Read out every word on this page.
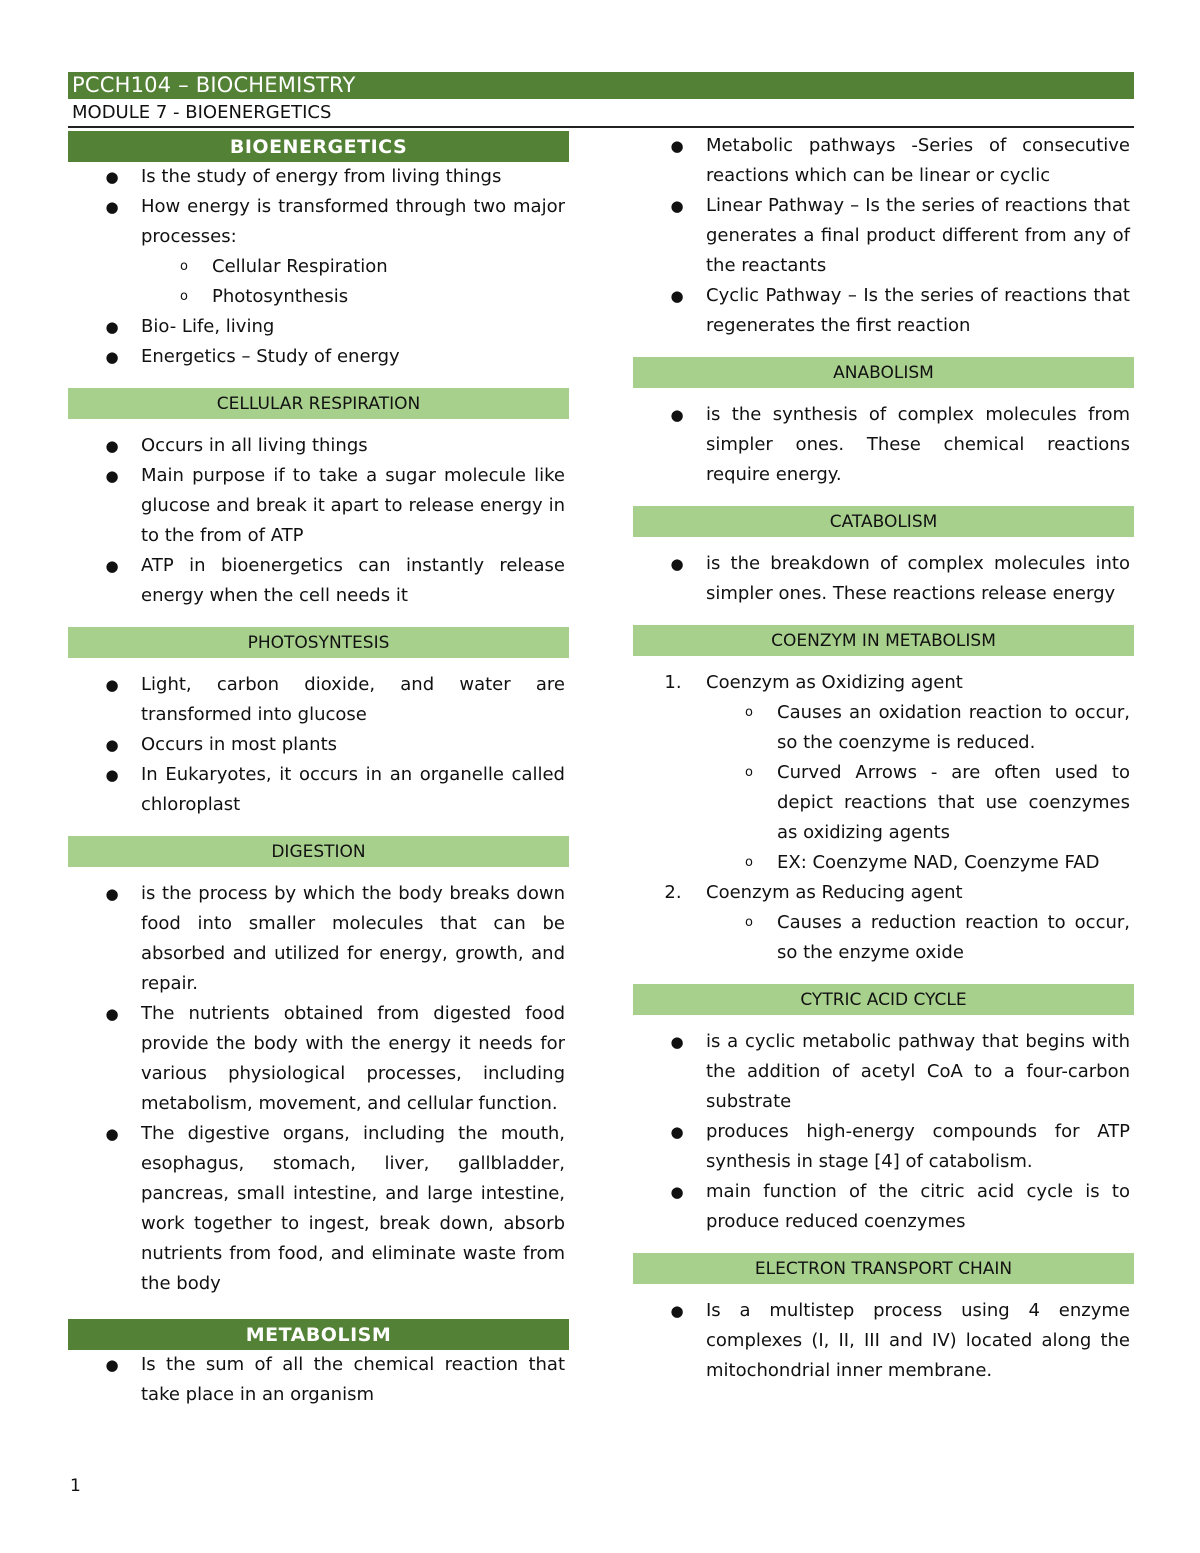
PCCH104 – BIOCHEMISTRY
MODULE 7 - BIOENERGETICS
BIOENERGETICS
● Is the study of energy from living things
● How energy is transformed through two major processes:
o	Cellular Respiration
o	Photosynthesis
● Bio- Life, living
● Energetics – Study of energy
CELLULAR RESPIRATION
● Occurs in all living things
● Main purpose if to take a sugar molecule like glucose and break it apart to release energy in to the from of ATP
● ATP in bioenergetics can instantly release energy when the cell needs it
PHOTOSYNTESIS
● Light, carbon dioxide, and water are transformed into glucose
● Occurs in most plants
● In Eukaryotes, it occurs in an organelle called chloroplast
DIGESTION
● is the process by which the body breaks down food into smaller molecules that can be absorbed and utilized for energy, growth, and repair.
● The nutrients obtained from digested food provide the body with the energy it needs for various physiological processes, including metabolism, movement, and cellular function.
● The digestive organs, including the mouth, esophagus, stomach, liver, gallbladder, pancreas, small intestine, and large intestine, work together to ingest, break down, absorb nutrients from food, and eliminate waste from the body
METABOLISM
● Is the sum of all the chemical reaction that take place in an organism
● Metabolic pathways -Series of consecutive reactions which can be linear or cyclic
● Linear Pathway – Is the series of reactions that generates a final product different from any of the reactants
● Cyclic Pathway – Is the series of reactions that regenerates the first reaction
ANABOLISM
● is the synthesis of complex molecules from simpler ones. These chemical reactions require energy.
CATABOLISM
● is the breakdown of complex molecules into simpler ones. These reactions release energy
COENZYM IN METABOLISM
1. Coenzym as Oxidizing agent
o	Causes an oxidation reaction to occur, so the coenzyme is reduced.
o	Curved Arrows - are often used to depict reactions that use coenzymes as oxidizing agents
o	EX: Coenzyme NAD, Coenzyme FAD
2. Coenzym as Reducing agent
o	Causes a reduction reaction to occur, so the enzyme oxide
CYTRIC ACID CYCLE
● is a cyclic metabolic pathway that begins with the addition of acetyl CoA to a four-carbon substrate
● produces high-energy compounds for ATP synthesis in stage [4] of catabolism.
● main function of the citric acid cycle is to produce reduced coenzymes
ELECTRON TRANSPORT CHAIN
● Is a multistep process using 4 enzyme complexes (I, II, III and IV) located along the mitochondrial inner membrane.
1
